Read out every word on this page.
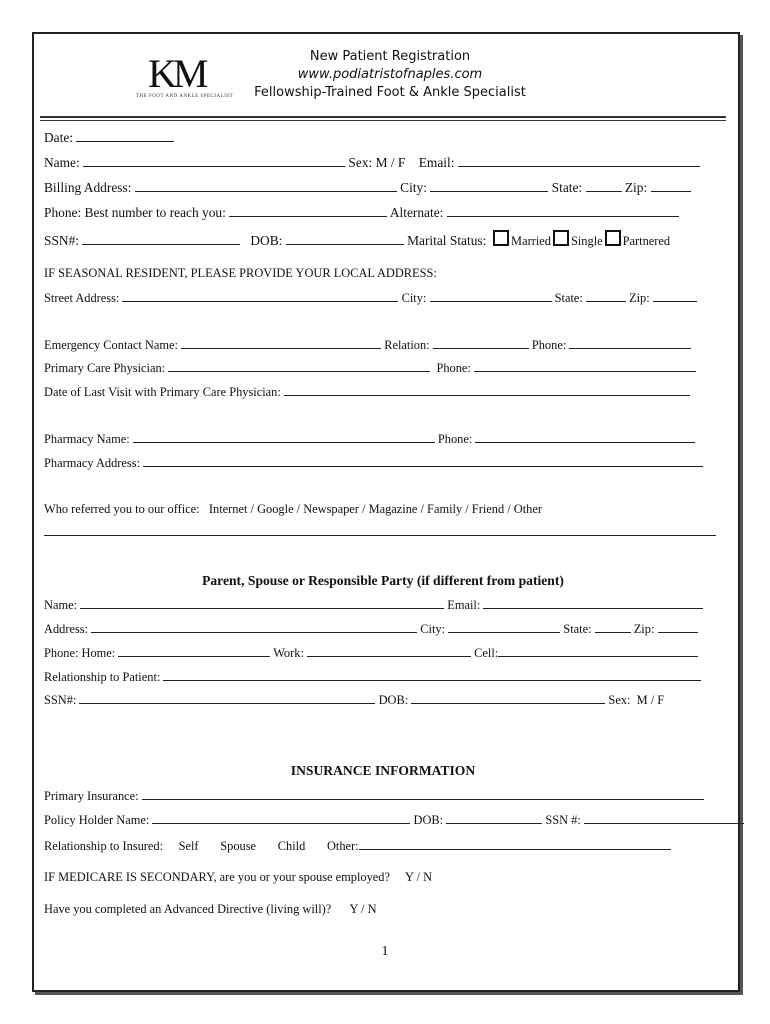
KM
THE FOOT AND ANKLE SPECIALIST
New Patient Registration
www.podiatristofnaples.com
Fellowship-Trained Foot & Ankle Specialist
Date:
Name:	Sex: M / F Email:
Billing Address:	City:	State:	Zip:
Phone: Best number to reach you:	Alternate:
SSN#:	DOB:	Marital Status: Married Single Partnered
IF SEASONAL RESIDENT, PLEASE PROVIDE YOUR LOCAL ADDRESS:
Street Address:	City:	State:	Zip:
Emergency Contact Name:	Relation:	Phone:
Primary Care Physician:	Phone:
Date of Last Visit with Primary Care Physician:
Pharmacy Name:	Phone:
Pharmacy Address:
Who referred you to our office: Internet / Google / Newspaper / Magazine / Family / Friend / Other
Parent, Spouse or Responsible Party (if different from patient)
Name:	Email:
Address:	City:	State:	Zip:
Phone: Home:	Work:	Cell:
Relationship to Patient:
SSN#:	DOB:	Sex: M / F
INSURANCE INFORMATION
Primary Insurance:
Policy Holder Name:	DOB:	SSN #:
Relationship to Insured: Self Spouse Child Other:
IF MEDICARE IS SECONDARY, are you or your spouse employed? Y / N
Have you completed an Advanced Directive (living will)? Y / N
1
